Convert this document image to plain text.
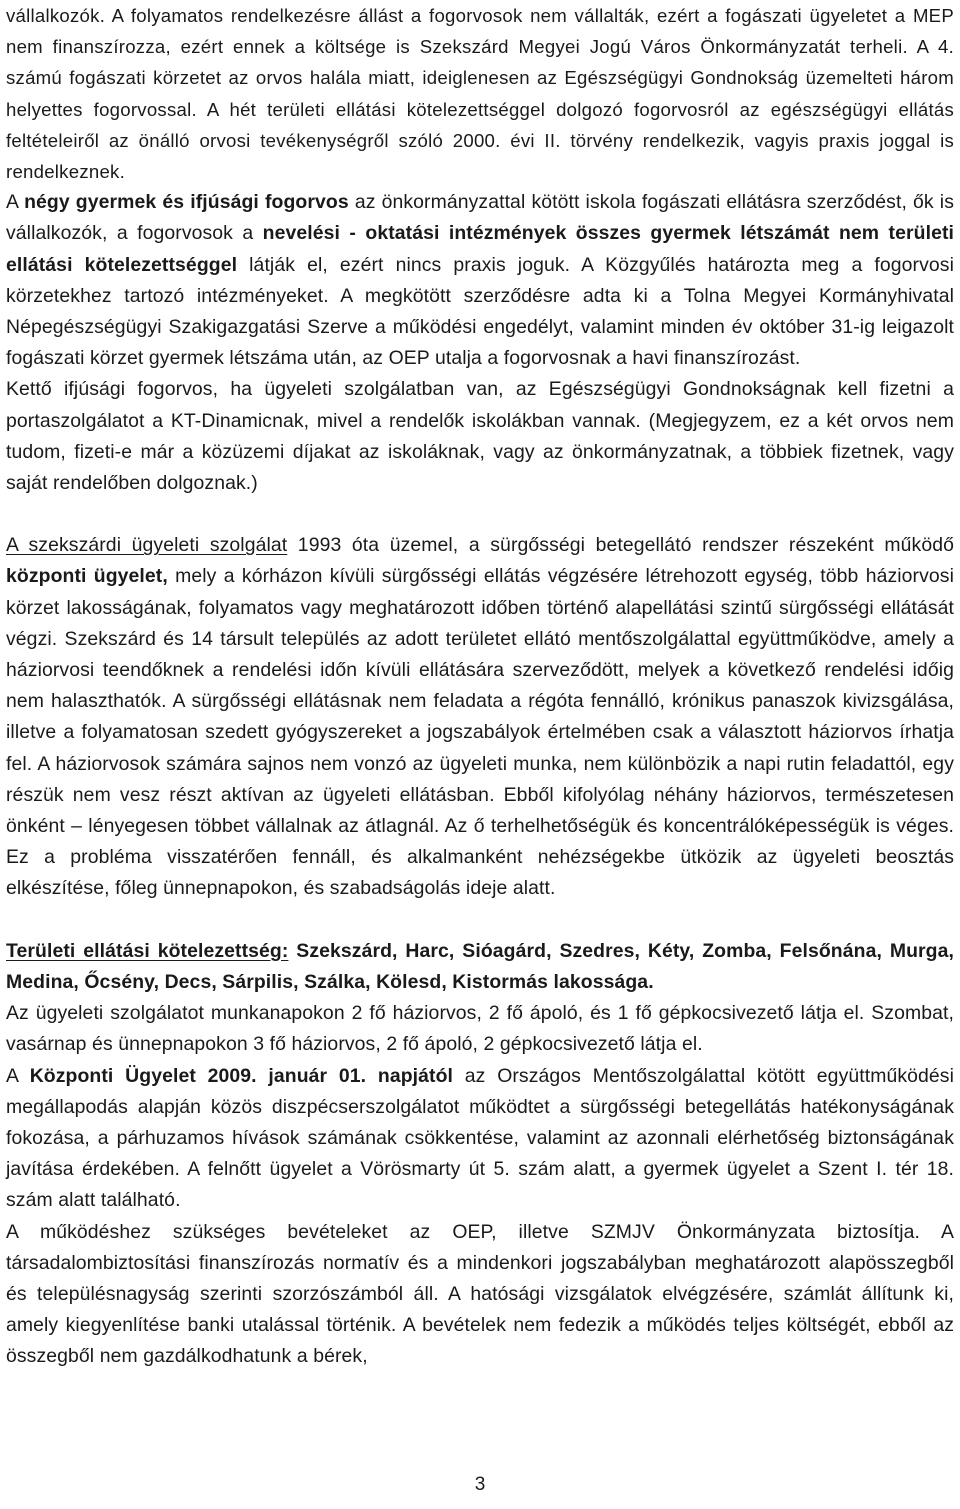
vállalkozók. A folyamatos rendelkezésre állást a fogorvosok nem vállalták, ezért a fogászati ügyeletet a MEP nem finanszírozza, ezért ennek a költsége is Szekszárd Megyei Jogú Város Önkormányzatát terheli. A 4. számú fogászati körzetet az orvos halála miatt, ideiglenesen az Egészségügyi Gondnokság üzemelteti három helyettes fogorvossal. A hét területi ellátási kötelezettséggel dolgozó fogorvosról az egészségügyi ellátás feltételeiről az önálló orvosi tevékenységről szóló 2000. évi II. törvény rendelkezik, vagyis praxis joggal is rendelkeznek.

A négy gyermek és ifjúsági fogorvos az önkormányzattal kötött iskola fogászati ellátásra szerződést, ők is vállalkozók, a fogorvosok a nevelési - oktatási intézmények összes gyermek létszámát nem területi ellátási kötelezettséggel látják el, ezért nincs praxis joguk. A Közgyűlés határozta meg a fogorvosi körzetekhez tartozó intézményeket. A megkötött szerződésre adta ki a Tolna Megyei Kormányhivatal Népegészségügyi Szakigazgatási Szerve a működési engedélyt, valamint minden év október 31-ig leigazolt fogászati körzet gyermek létszáma után, az OEP utalja a fogorvosnak a havi finanszírozást.

Kettő ifjúsági fogorvos, ha ügyeleti szolgálatban van, az Egészségügyi Gondnokságnak kell fizetni a portaszolgálatot a KT-Dinamicnak, mivel a rendelők iskolákban vannak. (Megjegyzem, ez a két orvos nem tudom, fizeti-e már a közüzemi díjakat az iskoláknak, vagy az önkormányzatnak, a többiek fizetnek, vagy saját rendelőben dolgoznak.)

A szekszárdi ügyeleti szolgálat 1993 óta üzemel, a sürgősségi betegellátó rendszer részeként működő központi ügyelet, mely a kórházon kívüli sürgősségi ellátás végzésére létrehozott egység, több háziorvosi körzet lakosságának, folyamatos vagy meghatározott időben történő alapellátási szintű sürgősségi ellátását végzi. Szekszárd és 14 társult település az adott területet ellátó mentőszolgálattal együttműködve, amely a háziorvosi teendőknek a rendelési időn kívüli ellátására szerveződött, melyek a következő rendelési időig nem halaszthatók. A sürgősségi ellátásnak nem feladata a régóta fennálló, krónikus panaszok kivizsgálása, illetve a folyamatosan szedett gyógyszereket a jogszabályok értelmében csak a választott háziorvos írhatja fel. A háziorvosok számára sajnos nem vonzó az ügyeleti munka, nem különbözik a napi rutin feladattól, egy részük nem vesz részt aktívan az ügyeleti ellátásban. Ebből kifolyólag néhány háziorvos, természetesen önként – lényegesen többet vállalnak az átlagnál. Az ő terhelhetőségük és koncentrálóképességük is véges. Ez a probléma visszatérően fennáll, és alkalmanként nehézségekbe ütközik az ügyeleti beosztás elkészítése, főleg ünnepnapokon, és szabadságolás ideje alatt.

Területi ellátási kötelezettség: Szekszárd, Harc, Sióagárd, Szedres, Kéty, Zomba, Felsőnána, Murga, Medina, Őcsény, Decs, Sárpilis, Szálka, Kölesd, Kistormás lakossága.

Az ügyeleti szolgálatot munkanapokon 2 fő háziorvos, 2 fő ápoló, és 1 fő gépkocsivezető látja el. Szombat, vasárnap és ünnepnapokon 3 fő háziorvos, 2 fő ápoló, 2 gépkocsivezető látja el.

A Központi Ügyelet 2009. január 01. napjától az Országos Mentőszolgálattal kötött együttműködési megállapodás alapján közös diszpécserszolgálatot működtet a sürgősségi betegellátás hatékonyságának fokozása, a párhuzamos hívások számának csökkentése, valamint az azonnali elérhetőség biztonságának javítása érdekében. A felnőtt ügyelet a Vörösmarty út 5. szám alatt, a gyermek ügyelet a Szent I. tér 18. szám alatt található.

A működéshez szükséges bevételeket az OEP, illetve SZMJV Önkormányzata biztosítja. A társadalombiztosítási finanszírozás normatív és a mindenkori jogszabályban meghatározott alapösszegből és településnagyság szerinti szorzószámból áll. A hatósági vizsgálatok elvégzésére, számlát állítunk ki, amely kiegyenlítése banki utalással történik. A bevételek nem fedezik a működés teljes költségét, ebből az összegből nem gazdálkodhatunk a bérek,

3
